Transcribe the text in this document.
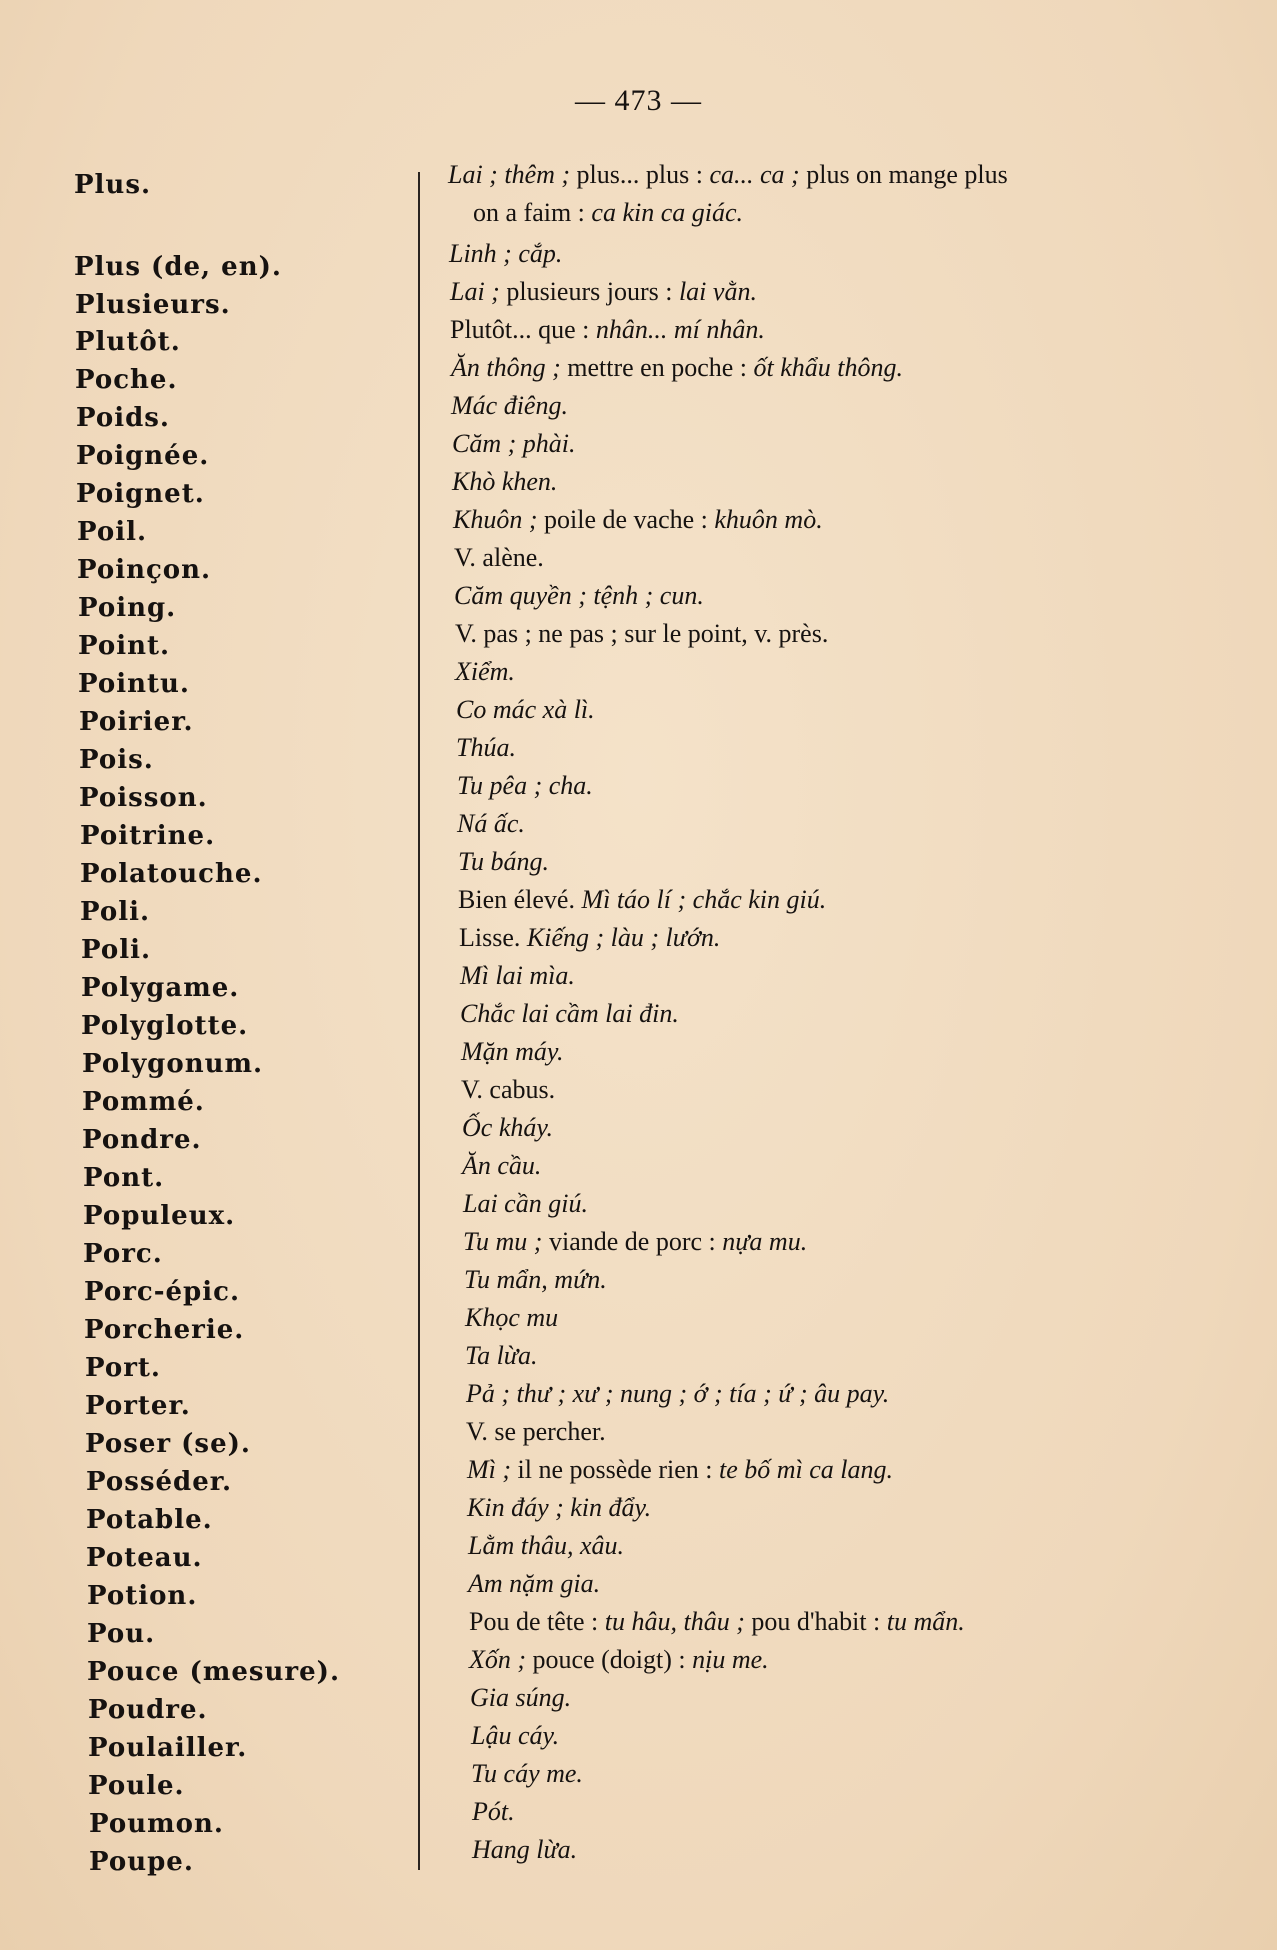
— 473 —
Plus.
Plus (de, en).
Plusieurs.
Plutôt.
Poche.
Poids.
Poignée.
Poignet.
Poil.
Poinçon.
Poing.
Point.
Pointu.
Poirier.
Pois.
Poisson.
Poitrine.
Polatouche.
Poli.
Poli.
Polygame.
Polyglotte.
Polygonum.
Pommé.
Pondre.
Pont.
Populeux.
Porc.
Porc-épic.
Porcherie.
Port.
Porter.
Poser (se).
Posséder.
Potable.
Poteau.
Potion.
Pou.
Pouce (mesure).
Poudre.
Poulailler.
Poule.
Poumon.
Poupe.
Lai ; thêm ; plus... plus : ca... ca ; plus on mange plus
on a faim : ca kin ca giác.
Linh ; cắp.
Lai ; plusieurs jours : lai vằn.
Plutôt... que : nhân... mí nhân.
Ăn thông ; mettre en poche : ốt khẩu thông.
Mác điêng.
Căm ; phài.
Khò khen.
Khuôn ; poile de vache : khuôn mò.
V. alène.
Căm quyền ; tệnh ; cun.
V. pas ; ne pas ; sur le point, v. près.
Xiểm.
Co mác xà lì.
Thúa.
Tu pêa ; cha.
Ná ấc.
Tu báng.
Bien élevé. Mì táo lí ; chắc kin giú.
Lisse. Kiếng ; làu ; lướn.
Mì lai mìa.
Chắc lai cầm lai đin.
Mặn máy.
V. cabus.
Ốc kháy.
Ăn cầu.
Lai cần giú.
Tu mu ; viande de porc : nựa mu.
Tu mẩn, mứn.
Khọc mu
Ta lừa.
Pả ; thư ; xư ; nung ; ớ ; tía ; ứ ; âu pay.
V. se percher.
Mì ; il ne possède rien : te bố mì ca lang.
Kin đáy ; kin đẩy.
Lằm thâu, xâu.
Am nặm gia.
Pou de tête : tu hâu, thâu ; pou d'habit : tu mẩn.
Xốn ; pouce (doigt) : nịu me.
Gia súng.
Lậu cáy.
Tu cáy me.
Pót.
Hang lừa.
